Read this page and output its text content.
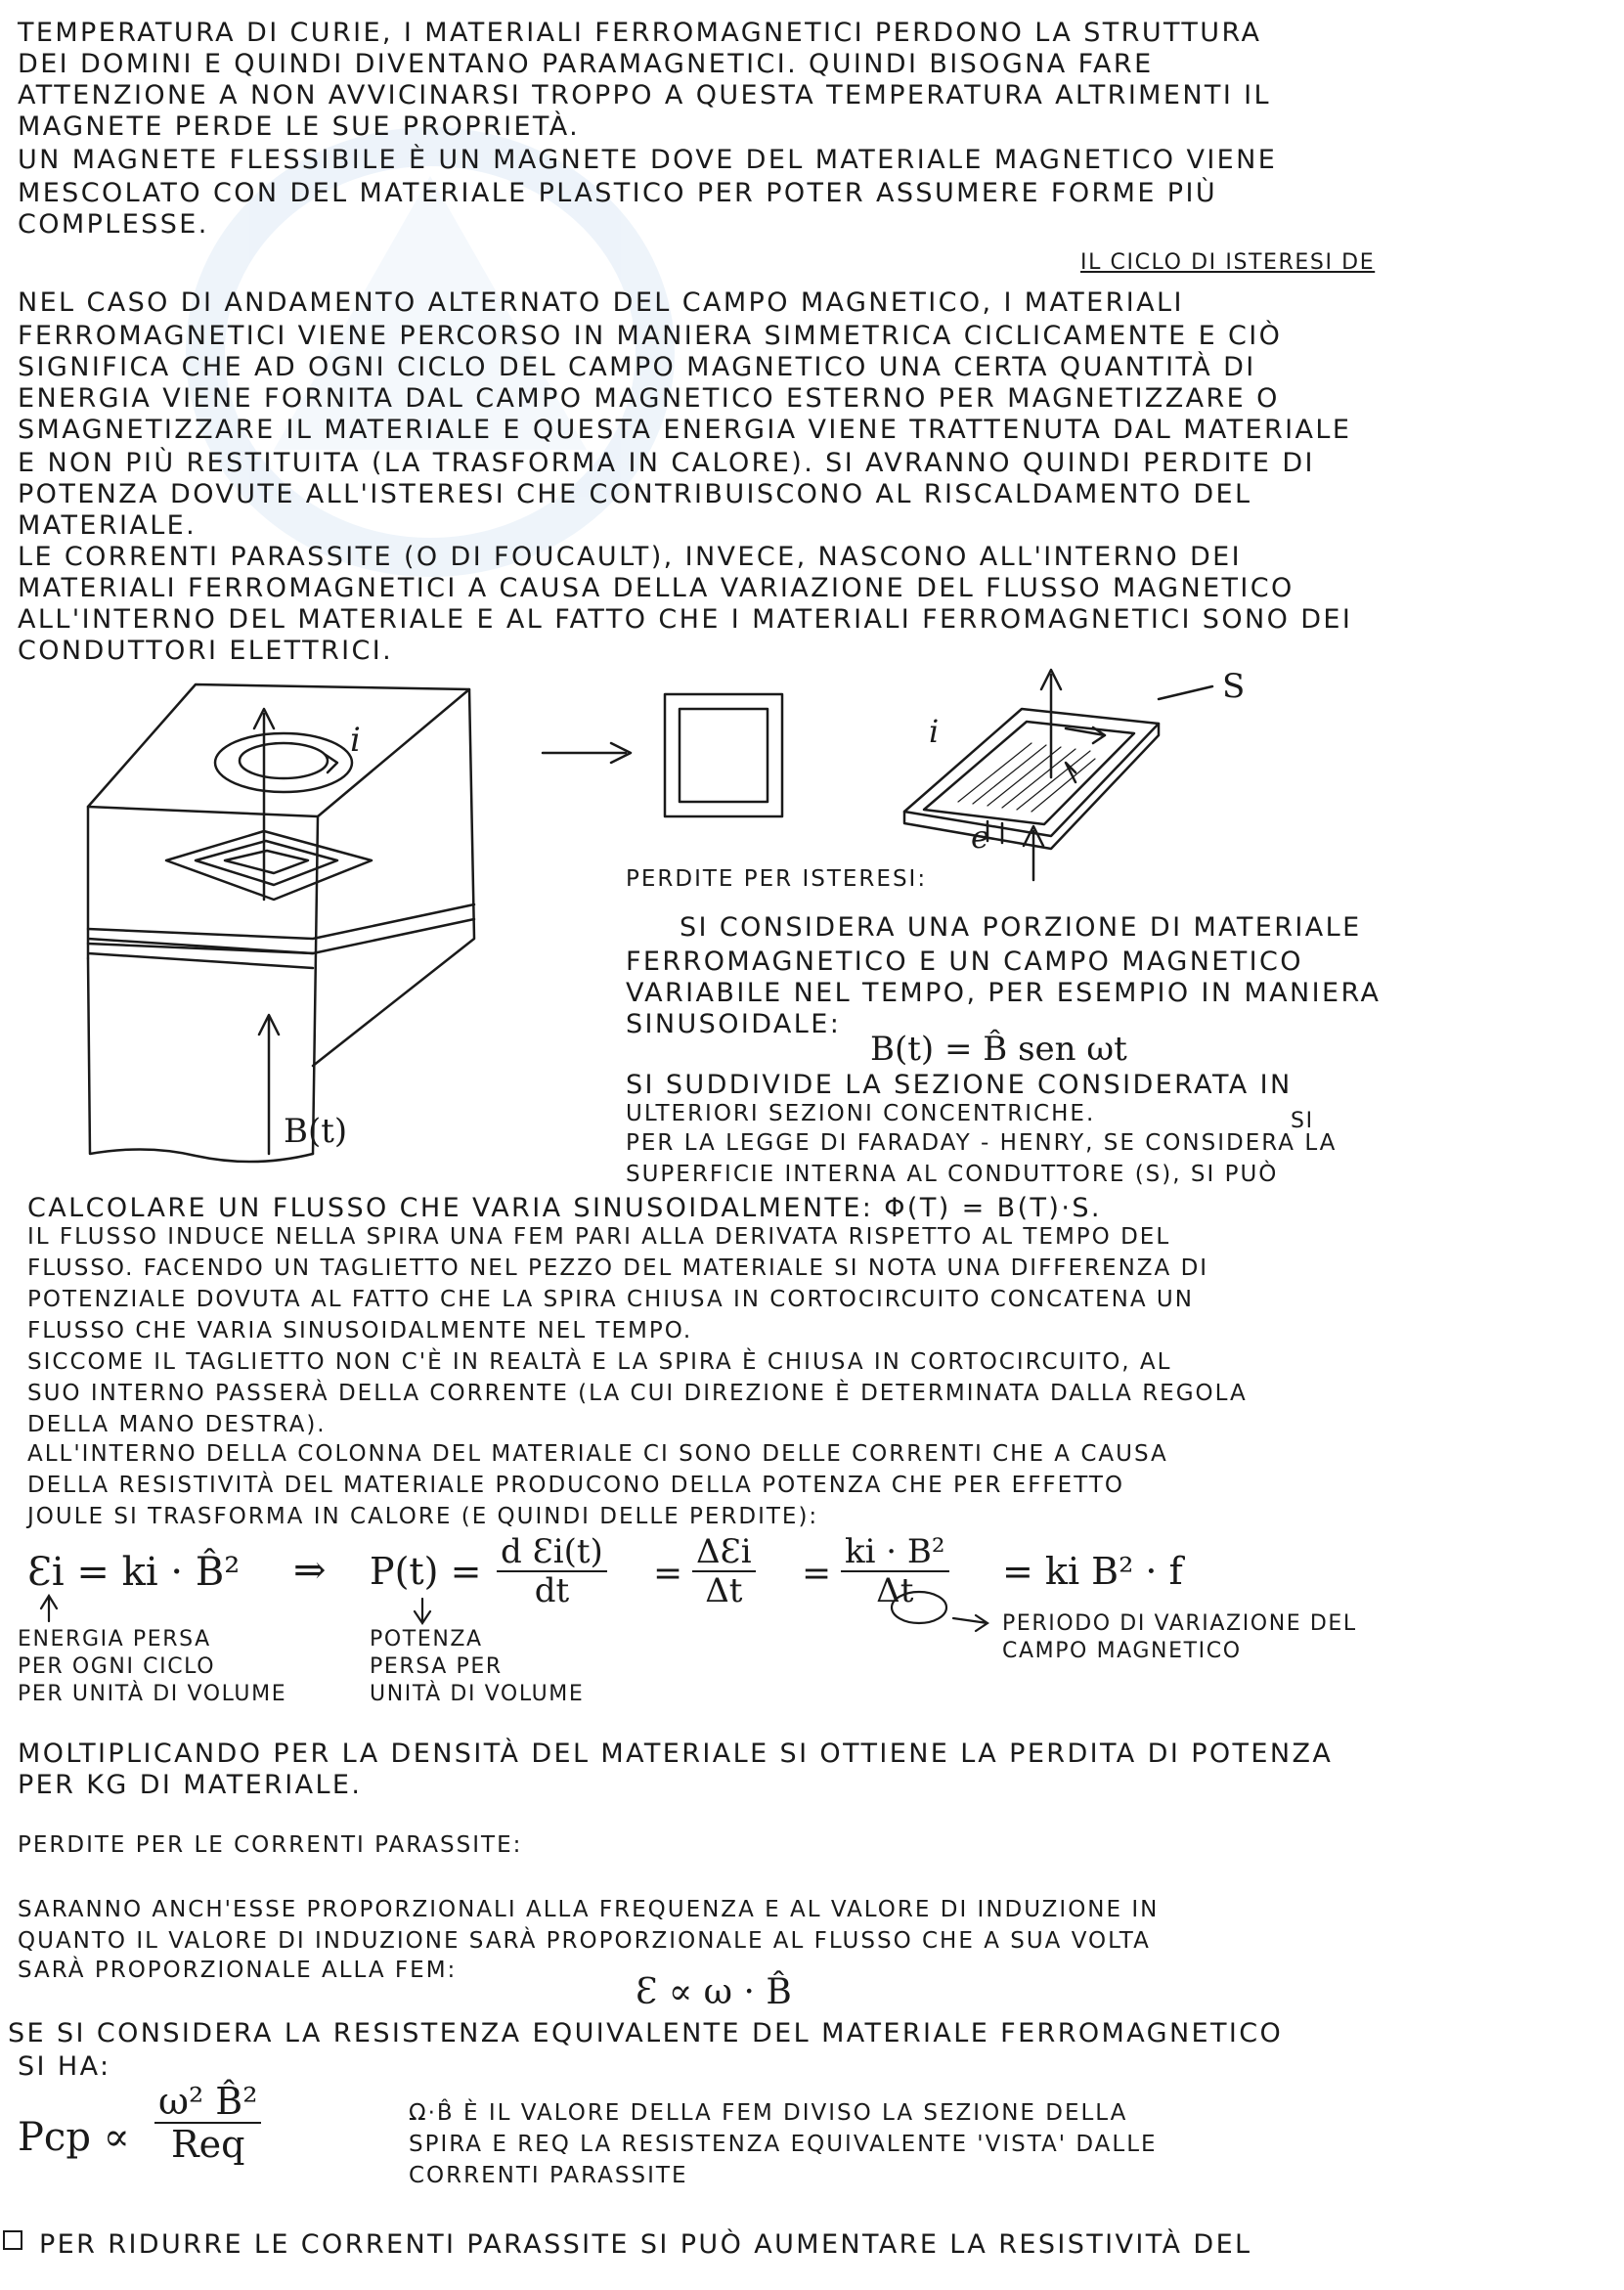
TEMPERATURA DI CURIE, I MATERIALI FERROMAGNETICI PERDONO LA STRUTTURA
DEI DOMINI E QUINDI DIVENTANO PARAMAGNETICI. QUINDI BISOGNA FARE
ATTENZIONE A NON AVVICINARSI TROPPO A QUESTA TEMPERATURA ALTRIMENTI IL
MAGNETE PERDE LE SUE PROPRIETÀ.
UN MAGNETE FLESSIBILE È UN MAGNETE DOVE DEL MATERIALE MAGNETICO VIENE
MESCOLATO CON DEL MATERIALE PLASTICO PER POTER ASSUMERE FORME PIÙ
COMPLESSE.
IL CICLO DI ISTERESI DE
NEL CASO DI ANDAMENTO ALTERNATO DEL CAMPO MAGNETICO, I MATERIALI
FERROMAGNETICI VIENE PERCORSO IN MANIERA SIMMETRICA CICLICAMENTE E CIÒ
SIGNIFICA CHE AD OGNI CICLO DEL CAMPO MAGNETICO UNA CERTA QUANTITÀ DI
ENERGIA VIENE FORNITA DAL CAMPO MAGNETICO ESTERNO PER MAGNETIZZARE O
SMAGNETIZZARE IL MATERIALE E QUESTA ENERGIA VIENE TRATTENUTA DAL MATERIALE
E NON PIÙ RESTITUITA (LA TRASFORMA IN CALORE). SI AVRANNO QUINDI PERDITE DI
POTENZA DOVUTE ALL'ISTERESI CHE CONTRIBUISCONO AL RISCALDAMENTO DEL
MATERIALE.
LE CORRENTI PARASSITE (O DI FOUCAULT), INVECE, NASCONO ALL'INTERNO DEI
MATERIALI FERROMAGNETICI A CAUSA DELLA VARIAZIONE DEL FLUSSO MAGNETICO
ALL'INTERNO DEL MATERIALE E AL FATTO CHE I MATERIALI FERROMAGNETICI SONO DEI
CONDUTTORI ELETTRICI.
i
B(t)
S
i
e
PERDITE PER ISTERESI:
SI CONSIDERA UNA PORZIONE DI MATERIALE
FERROMAGNETICO E UN CAMPO MAGNETICO
VARIABILE NEL TEMPO, PER ESEMPIO IN MANIERA
SINUSOIDALE:
B(t) = B̂ sen ωt
SI SUDDIVIDE LA SEZIONE CONSIDERATA IN
ULTERIORI SEZIONI CONCENTRICHE.	SI
PER LA LEGGE DI FARADAY - HENRY, SE CONSIDERA LA
SUPERFICIE INTERNA AL CONDUTTORE (S), SI PUÒ
CALCOLARE UN FLUSSO CHE VARIA SINUSOIDALMENTE: Φ(T) = B(T)·S.
IL FLUSSO INDUCE NELLA SPIRA UNA FEM PARI ALLA DERIVATA RISPETTO AL TEMPO DEL
FLUSSO. FACENDO UN TAGLIETTO NEL PEZZO DEL MATERIALE SI NOTA UNA DIFFERENZA DI
POTENZIALE DOVUTA AL FATTO CHE LA SPIRA CHIUSA IN CORTOCIRCUITO CONCATENA UN
FLUSSO CHE VARIA SINUSOIDALMENTE NEL TEMPO.
SICCOME IL TAGLIETTO NON C'È IN REALTÀ E LA SPIRA È CHIUSA IN CORTOCIRCUITO, AL
SUO INTERNO PASSERÀ DELLA CORRENTE (LA CUI DIREZIONE È DETERMINATA DALLA REGOLA
DELLA MANO DESTRA).
ALL'INTERNO DELLA COLONNA DEL MATERIALE CI SONO DELLE CORRENTI CHE A CAUSA
DELLA RESISTIVITÀ DEL MATERIALE PRODUCONO DELLA POTENZA CHE PER EFFETTO
JOULE SI TRASFORMA IN CALORE (E QUINDI DELLE PERDITE):
Ɛi = ki · B̂² ⇒ $P(t) = \frac{\text{d Ɛi(t)}}{dt} = \frac{\text{ΔƐi}}{\Delta t} = \frac{\text{ki · B²}}{\Delta t}$ = ki B² · f
ENERGIA PERSA
PER OGNI CICLO
PER UNITÀ DI VOLUME
POTENZA
PERSA PER
UNITÀ DI VOLUME
PERIODO DI VARIAZIONE DEL
CAMPO MAGNETICO
MOLTIPLICANDO PER LA DENSITÀ DEL MATERIALE SI OTTIENE LA PERDITA DI POTENZA
PER KG DI MATERIALE.
PERDITE PER LE CORRENTI PARASSITE:
SARANNO ANCH'ESSE PROPORZIONALI ALLA FREQUENZA E AL VALORE DI INDUZIONE IN
QUANTO IL VALORE DI INDUZIONE SARÀ PROPORZIONALE AL FLUSSO CHE A SUA VOLTA
SARÀ PROPORZIONALE ALLA FEM:
Ɛ ∝ ω · B̂
SE SI CONSIDERA LA RESISTENZA EQUIVALENTE DEL MATERIALE FERROMAGNETICO
SI HA:
Pcp ∝ $\frac{\text{ω² B̂²}}{\text{Req}}$	Ω·B̂ È IL VALORE DELLA FEM DIVISO LA SEZIONE DELLA
SPIRA E REQ LA RESISTENZA EQUIVALENTE 'VISTA' DALLE
CORRENTI PARASSITE
PER RIDURRE LE CORRENTI PARASSITE SI PUÒ AUMENTARE LA RESISTIVITÀ DEL
